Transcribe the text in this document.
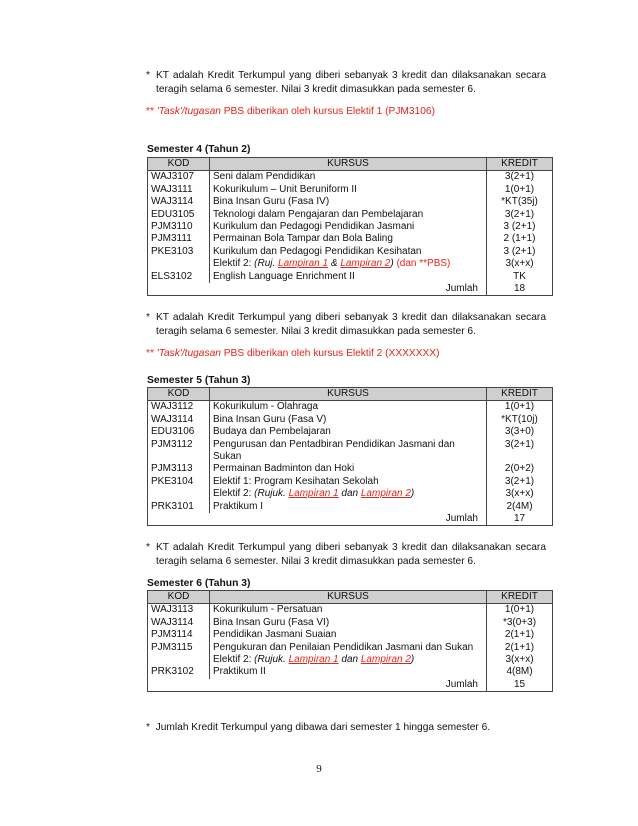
* KT adalah Kredit Terkumpul yang diberi sebanyak 3 kredit dan dilaksanakan secara teragih selama 6 semester. Nilai 3 kredit dimasukkan pada semester 6.
** 'Task'/tugasan PBS diberikan oleh kursus Elektif 1 (PJM3106)
Semester 4 (Tahun 2)
KOD	KURSUS	KREDIT
WAJ3107	Seni dalam Pendidikan	3(2+1)
WAJ3111	Kokurikulum – Unit Beruniform II	1(0+1)
WAJ3114	Bina Insan Guru (Fasa IV)	*KT(35j)
EDU3105	Teknologi dalam Pengajaran dan Pembelajaran	3(2+1)
PJM3110	Kurikulum dan Pedagogi Pendidikan Jasmani	3 (2+1)
PJM3111	Permainan Bola Tampar dan Bola Baling	2 (1+1)
PKE3103	Kurikulum dan Pedagogi Pendidikan Kesihatan	3 (2+1)
	Elektif 2: (Ruj. Lampiran 1 & Lampiran 2) (dan **PBS)	3(x+x)
ELS3102	English Language Enrichment II	TK
Jumlah		18
* KT adalah Kredit Terkumpul yang diberi sebanyak 3 kredit dan dilaksanakan secara teragih selama 6 semester. Nilai 3 kredit dimasukkan pada semester 6.
** 'Task'/tugasan PBS diberikan oleh kursus Elektif 2 (XXXXXXX)
Semester 5 (Tahun 3)
KOD	KURSUS	KREDIT
WAJ3112	Kokurikulum - Olahraga	1(0+1)
WAJ3114	Bina Insan Guru (Fasa V)	*KT(10j)
EDU3106	Budaya dan Pembelajaran	3(3+0)
PJM3112	Pengurusan dan Pentadbiran Pendidikan Jasmani dan Sukan	3(2+1)
PJM3113	Permainan Badminton dan Hoki	2(0+2)
PKE3104	Elektif 1: Program Kesihatan Sekolah	3(2+1)
	Elektif 2: (Rujuk. Lampiran 1 dan Lampiran 2)	3(x+x)
PRK3101	Praktikum I	2(4M)
Jumlah		17
* KT adalah Kredit Terkumpul yang diberi sebanyak 3 kredit dan dilaksanakan secara teragih selama 6 semester. Nilai 3 kredit dimasukkan pada semester 6.
Semester 6 (Tahun 3)
KOD	KURSUS	KREDIT
WAJ3113	Kokurikulum - Persatuan	1(0+1)
WAJ3114	Bina Insan Guru (Fasa VI)	*3(0+3)
PJM3114	Pendidikan Jasmani Suaian	2(1+1)
PJM3115	Pengukuran dan Penilaian Pendidikan Jasmani dan Sukan	2(1+1)
	Elektif 2: (Rujuk. Lampiran 1 dan Lampiran 2)	3(x+x)
PRK3102	Praktikum II	4(8M)
Jumlah		15
* Jumlah Kredit Terkumpul yang dibawa dari semester 1 hingga semester 6.
9
